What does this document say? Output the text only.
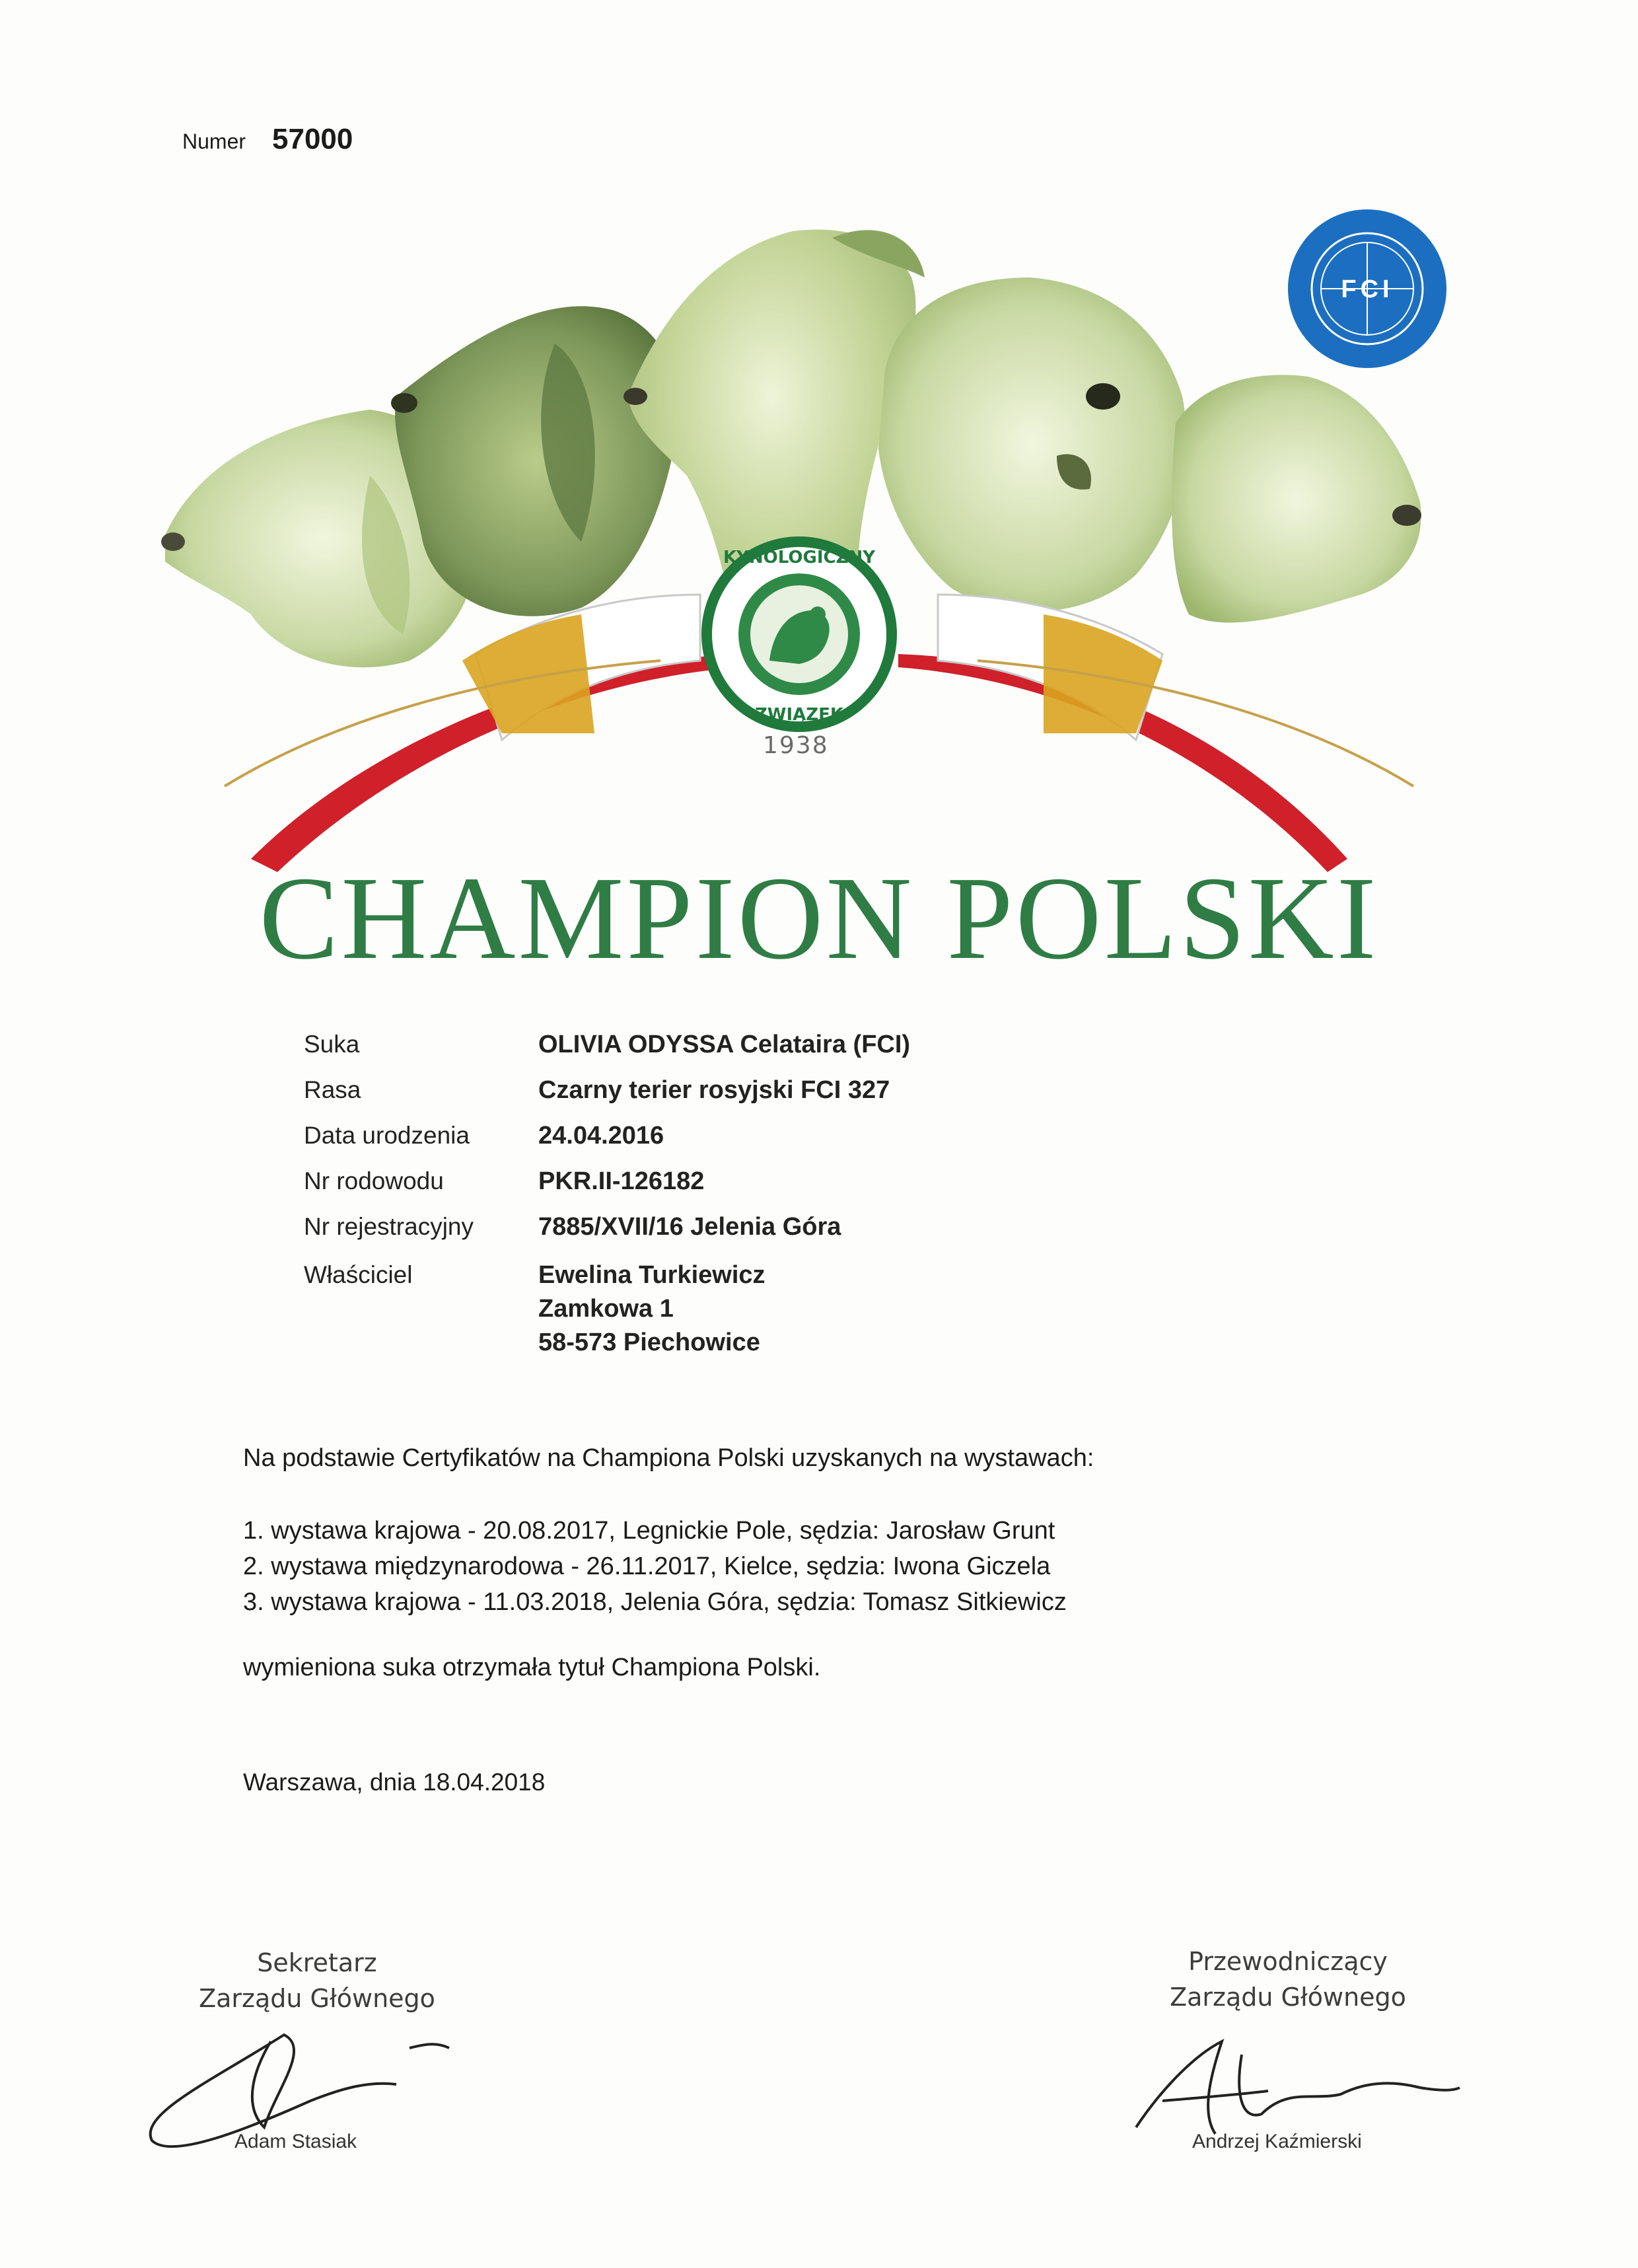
Numer 57000
KYNOLOGICZNY
ZWIĄZEK
1938
FCI
CHAMPION POLSKI
Suka	OLIVIA ODYSSA Celataira (FCI)
Rasa	Czarny terier rosyjski FCI 327
Data urodzenia	24.04.2016
Nr rodowodu	PKR.II-126182
Nr rejestracyjny	7885/XVII/16 Jelenia Góra
Właściciel	Ewelina Turkiewicz
Zamkowa 1
58-573 Piechowice
Na podstawie Certyfikatów na Championa Polski uzyskanych na wystawach:
1. wystawa krajowa - 20.08.2017, Legnickie Pole, sędzia: Jarosław Grunt
2. wystawa międzynarodowa - 26.11.2017, Kielce, sędzia: Iwona Giczela
3. wystawa krajowa - 11.03.2018, Jelenia Góra, sędzia: Tomasz Sitkiewicz
wymieniona suka otrzymała tytuł Championa Polski.
Warszawa, dnia 18.04.2018
Sekretarz
Zarządu Głównego
Przewodniczący
Zarządu Głównego
Adam Stasiak	Andrzej Kaźmierski
